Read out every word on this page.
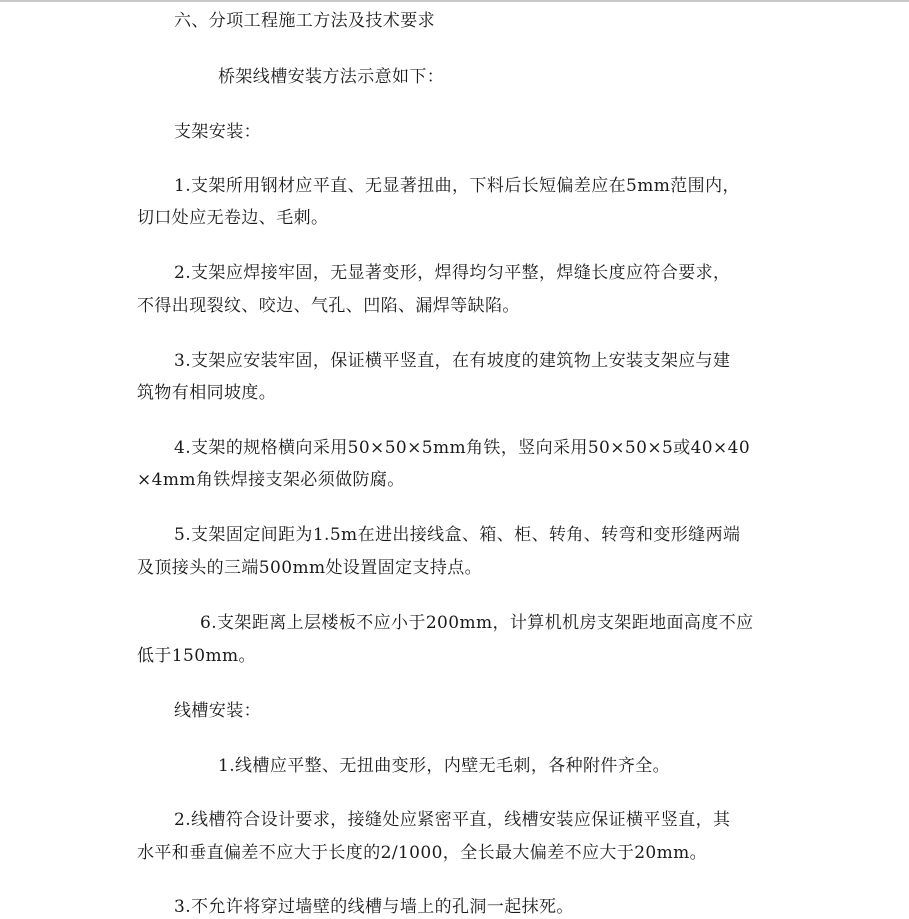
六、分项工程施工方法及技术要求
桥架线槽安装方法示意如下：
支架安装：
1.支架所用钢材应平直、无显著扭曲，下料后长短偏差应在5mm范围内，
切口处应无卷边、毛刺。
2.支架应焊接牢固，无显著变形，焊得均匀平整，焊缝长度应符合要求，
不得出现裂纹、咬边、气孔、凹陷、漏焊等缺陷。
3.支架应安装牢固，保证横平竖直，在有坡度的建筑物上安装支架应与建
筑物有相同坡度。
4.支架的规格横向采用50×50×5mm角铁，竖向采用50×50×5或40×40
×4mm角铁焊接支架必须做防腐。
5.支架固定间距为1.5m在进出接线盒、箱、柜、转角、转弯和变形缝两端
及顶接头的三端500mm处设置固定支持点。
6.支架距离上层楼板不应小于200mm，计算机机房支架距地面高度不应
低于150mm。
线槽安装：
1.线槽应平整、无扭曲变形，内壁无毛刺，各种附件齐全。
2.线槽符合设计要求，接缝处应紧密平直，线槽安装应保证横平竖直，其
水平和垂直偏差不应大于长度的2/1000，全长最大偏差不应大于20mm。
3.不允许将穿过墙壁的线槽与墙上的孔洞一起抹死。
